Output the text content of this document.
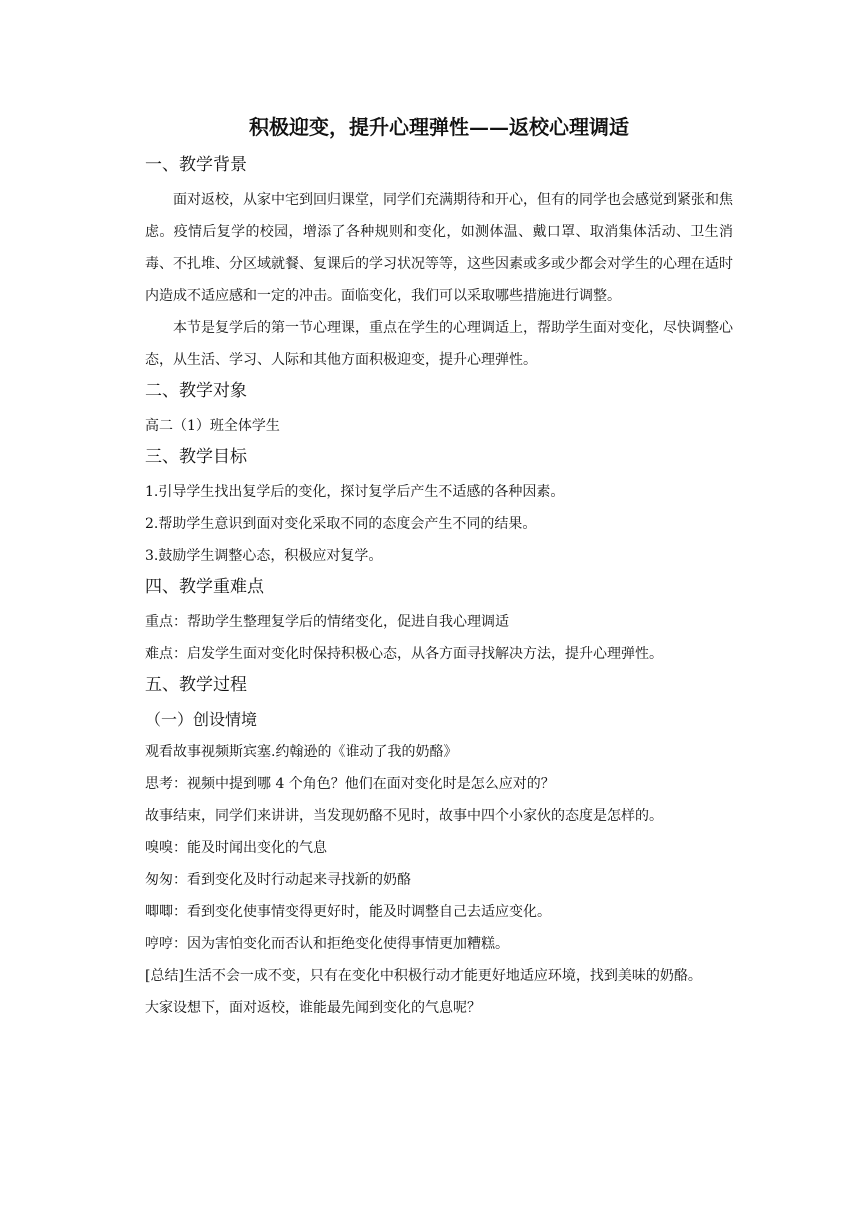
积极迎变，提升心理弹性——返校心理调适
一、教学背景

面对返校，从家中宅到回归课堂，同学们充满期待和开心，但有的同学也会感觉到紧张和焦虑。疫情后复学的校园，增添了各种规则和变化，如测体温、戴口罩、取消集体活动、卫生消毒、不扎堆、分区域就餐、复课后的学习状况等等，这些因素或多或少都会对学生的心理在适时内造成不适应感和一定的冲击。面临变化，我们可以采取哪些措施进行调整。

本节是复学后的第一节心理课，重点在学生的心理调适上，帮助学生面对变化，尽快调整心态，从生活、学习、人际和其他方面积极迎变，提升心理弹性。

二、教学对象

高二（1）班全体学生

三、教学目标

1.引导学生找出复学后的变化，探讨复学后产生不适感的各种因素。

2.帮助学生意识到面对变化采取不同的态度会产生不同的结果。

3.鼓励学生调整心态，积极应对复学。

四、教学重难点

重点：帮助学生整理复学后的情绪变化，促进自我心理调适

难点：启发学生面对变化时保持积极心态，从各方面寻找解决方法，提升心理弹性。

五、教学过程
（一）创设情境

观看故事视频斯宾塞.约翰逊的《谁动了我的奶酪》

思考：视频中提到哪 4 个角色？他们在面对变化时是怎么应对的？

故事结束，同学们来讲讲，当发现奶酪不见时，故事中四个小家伙的态度是怎样的。

嗅嗅：能及时闻出变化的气息

匆匆：看到变化及时行动起来寻找新的奶酪

唧唧：看到变化使事情变得更好时，能及时调整自己去适应变化。

哼哼：因为害怕变化而否认和拒绝变化使得事情更加糟糕。

[总结]生活不会一成不变，只有在变化中积极行动才能更好地适应环境，找到美味的奶酪。

大家设想下，面对返校，谁能最先闻到变化的气息呢？
